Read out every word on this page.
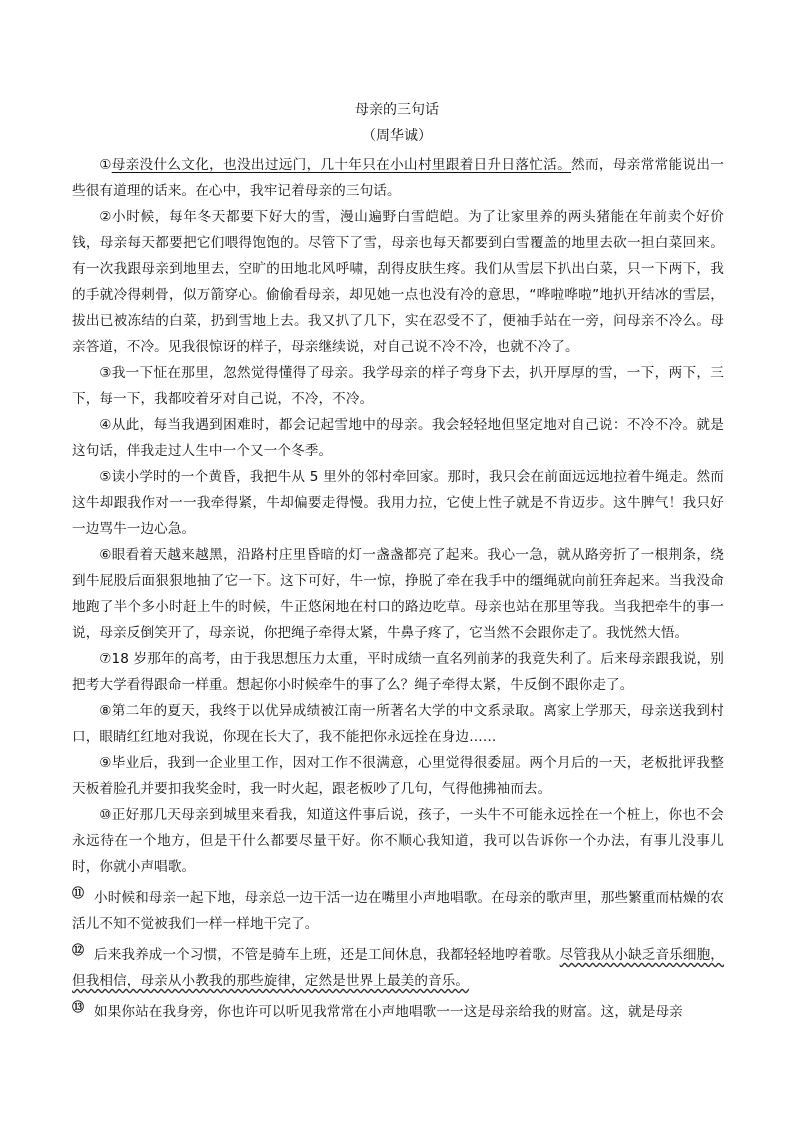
母亲的三句话
（周华诚）

①母亲没什么文化，也没出过远门，几十年只在小山村里跟着日升日落忙活。然而，母亲常常能说出一些很有道理的话来。在心中，我牢记着母亲的三句话。

②小时候，每年冬天都要下好大的雪，漫山遍野白雪皑皑。为了让家里养的两头猪能在年前卖个好价钱，母亲每天都要把它们喂得饱饱的。尽管下了雪，母亲也每天都要到白雪覆盖的地里去砍一担白菜回来。有一次我跟母亲到地里去，空旷的田地北风呼啸，刮得皮肤生疼。我们从雪层下扒出白菜，只一下两下，我的手就冷得刺骨，似万箭穿心。偷偷看母亲，却见她一点也没有冷的意思，“哗啦哗啦”地扒开结冰的雪层，拔出已被冻结的白菜，扔到雪地上去。我又扒了几下，实在忍受不了，便袖手站在一旁，问母亲不冷么。母亲答道，不冷。见我很惊讶的样子，母亲继续说，对自己说不冷不冷，也就不冷了。

③我一下怔在那里，忽然觉得懂得了母亲。我学母亲的样子弯身下去，扒开厚厚的雪，一下，两下，三下，每一下，我都咬着牙对自己说，不冷，不冷。

④从此，每当我遇到困难时，都会记起雪地中的母亲。我会轻轻地但坚定地对自己说：不冷不冷。就是这句话，伴我走过人生中一个又一个冬季。

⑤读小学时的一个黄昏，我把牛从 5 里外的邻村牵回家。那时，我只会在前面远远地拉着牛绳走。然而这牛却跟我作对一一我牵得紧，牛却偏要走得慢。我用力拉，它使上性子就是不肯迈步。这牛脾气！我只好一边骂牛一边心急。

⑥眼看着天越来越黑，沿路村庄里昏暗的灯一盏盏都亮了起来。我心一急，就从路旁折了一根荆条，绕到牛屁股后面狠狠地抽了它一下。这下可好，牛一惊，挣脱了牵在我手中的缰绳就向前狂奔起来。当我没命地跑了半个多小时赶上牛的时候，牛正悠闲地在村口的路边吃草。母亲也站在那里等我。当我把牵牛的事一说，母亲反倒笑开了，母亲说，你把绳子牵得太紧，牛鼻子疼了，它当然不会跟你走了。我恍然大悟。

⑦18 岁那年的高考，由于我思想压力太重，平时成绩一直名列前茅的我竟失利了。后来母亲跟我说，别把考大学看得跟命一样重。想起你小时候牵牛的事了么？绳子牵得太紧，牛反倒不跟你走了。

⑧第二年的夏天，我终于以优异成绩被江南一所著名大学的中文系录取。离家上学那天，母亲送我到村口，眼睛红红地对我说，你现在长大了，我不能把你永远拴在身边……

⑨毕业后，我到一企业里工作，因对工作不很满意，心里觉得很委屈。两个月后的一天，老板批评我整天板着脸孔并要扣我奖金时，我一时火起，跟老板吵了几句，气得他拂袖而去。

⑩正好那几天母亲到城里来看我，知道这件事后说，孩子，一头牛不可能永远拴在一个桩上，你也不会永远待在一个地方，但是干什么都要尽量干好。你不顺心我知道，我可以告诉你一个办法，有事儿没事儿时，你就小声唱歌。

⑪ 小时候和母亲一起下地，母亲总一边干活一边在嘴里小声地唱歌。在母亲的歌声里，那些繁重而枯燥的农活儿不知不觉被我们一样一样地干完了。

⑫ 后来我养成一个习惯，不管是骑车上班，还是工间休息，我都轻轻地哼着歌。尽管我从小缺乏音乐细胞，但我相信，母亲从小教我的那些旋律，定然是世界上最美的音乐。

⑬ 如果你站在我身旁，你也许可以听见我常常在小声地唱歌一一这是母亲给我的财富。这，就是母亲
